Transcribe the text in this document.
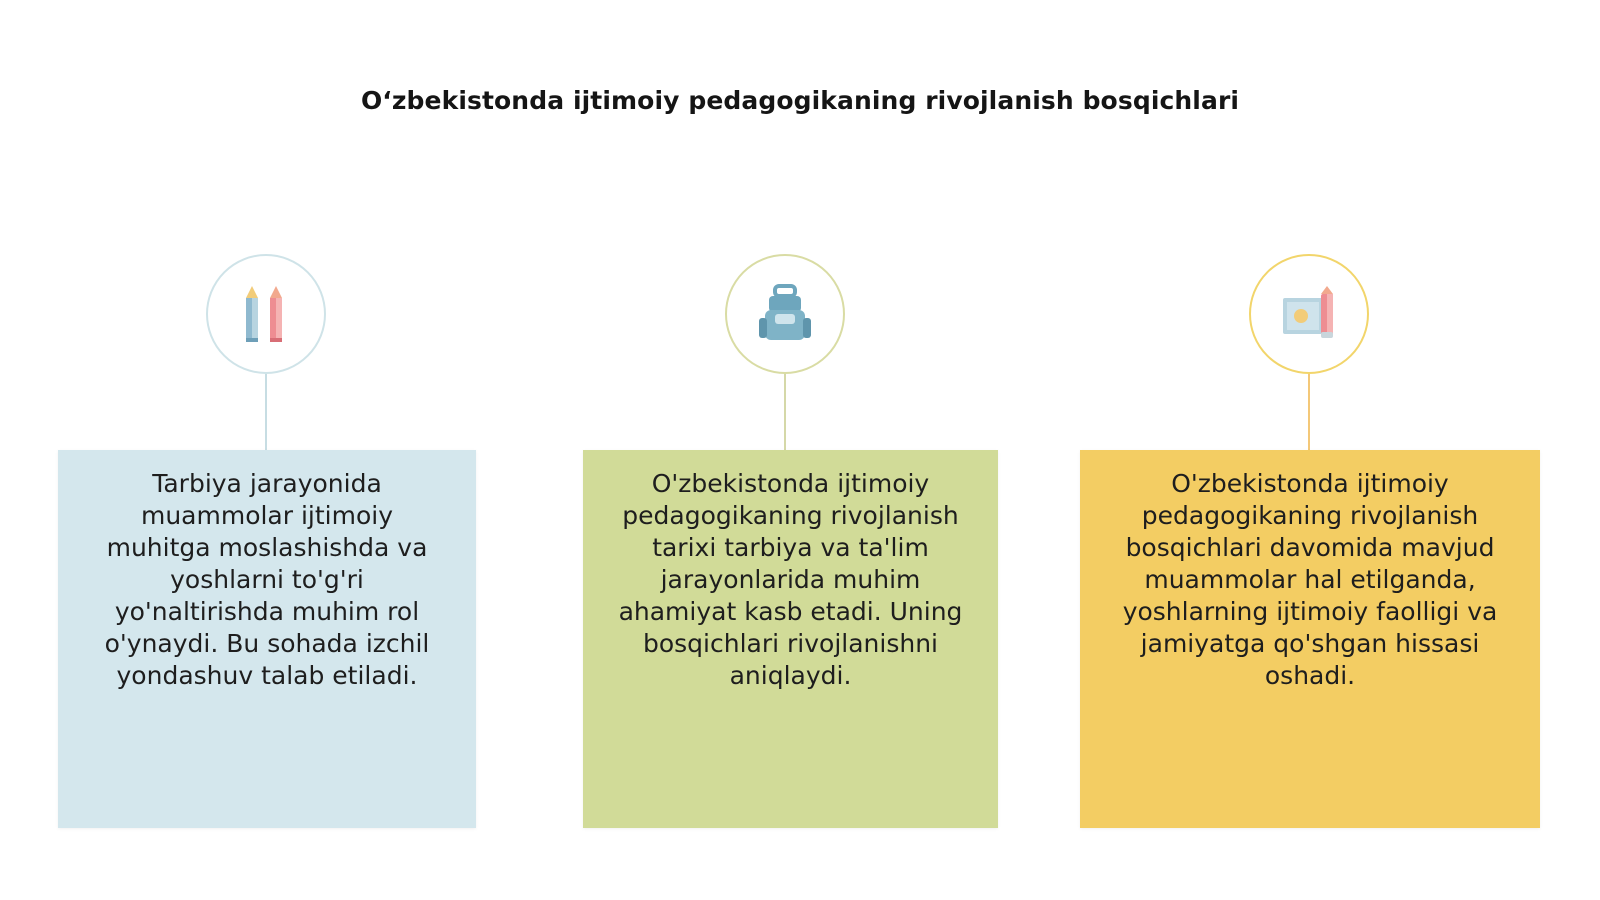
O‘zbekistonda ijtimoiy pedagogikaning rivojlanish bosqichlari

Tarbiya jarayonida muammolar ijtimoiy muhitga moslashishda va yoshlarni to'g'ri yo'naltirishda muhim rol o'ynaydi. Bu sohada izchil yondashuv talab etiladi.

O'zbekistonda ijtimoiy pedagogikaning rivojlanish tarixi tarbiya va ta'lim jarayonlarida muhim ahamiyat kasb etadi. Uning bosqichlari rivojlanishni aniqlaydi.

O'zbekistonda ijtimoiy pedagogikaning rivojlanish bosqichlari davomida mavjud muammolar hal etilganda, yoshlarning ijtimoiy faolligi va jamiyatga qo'shgan hissasi oshadi.
